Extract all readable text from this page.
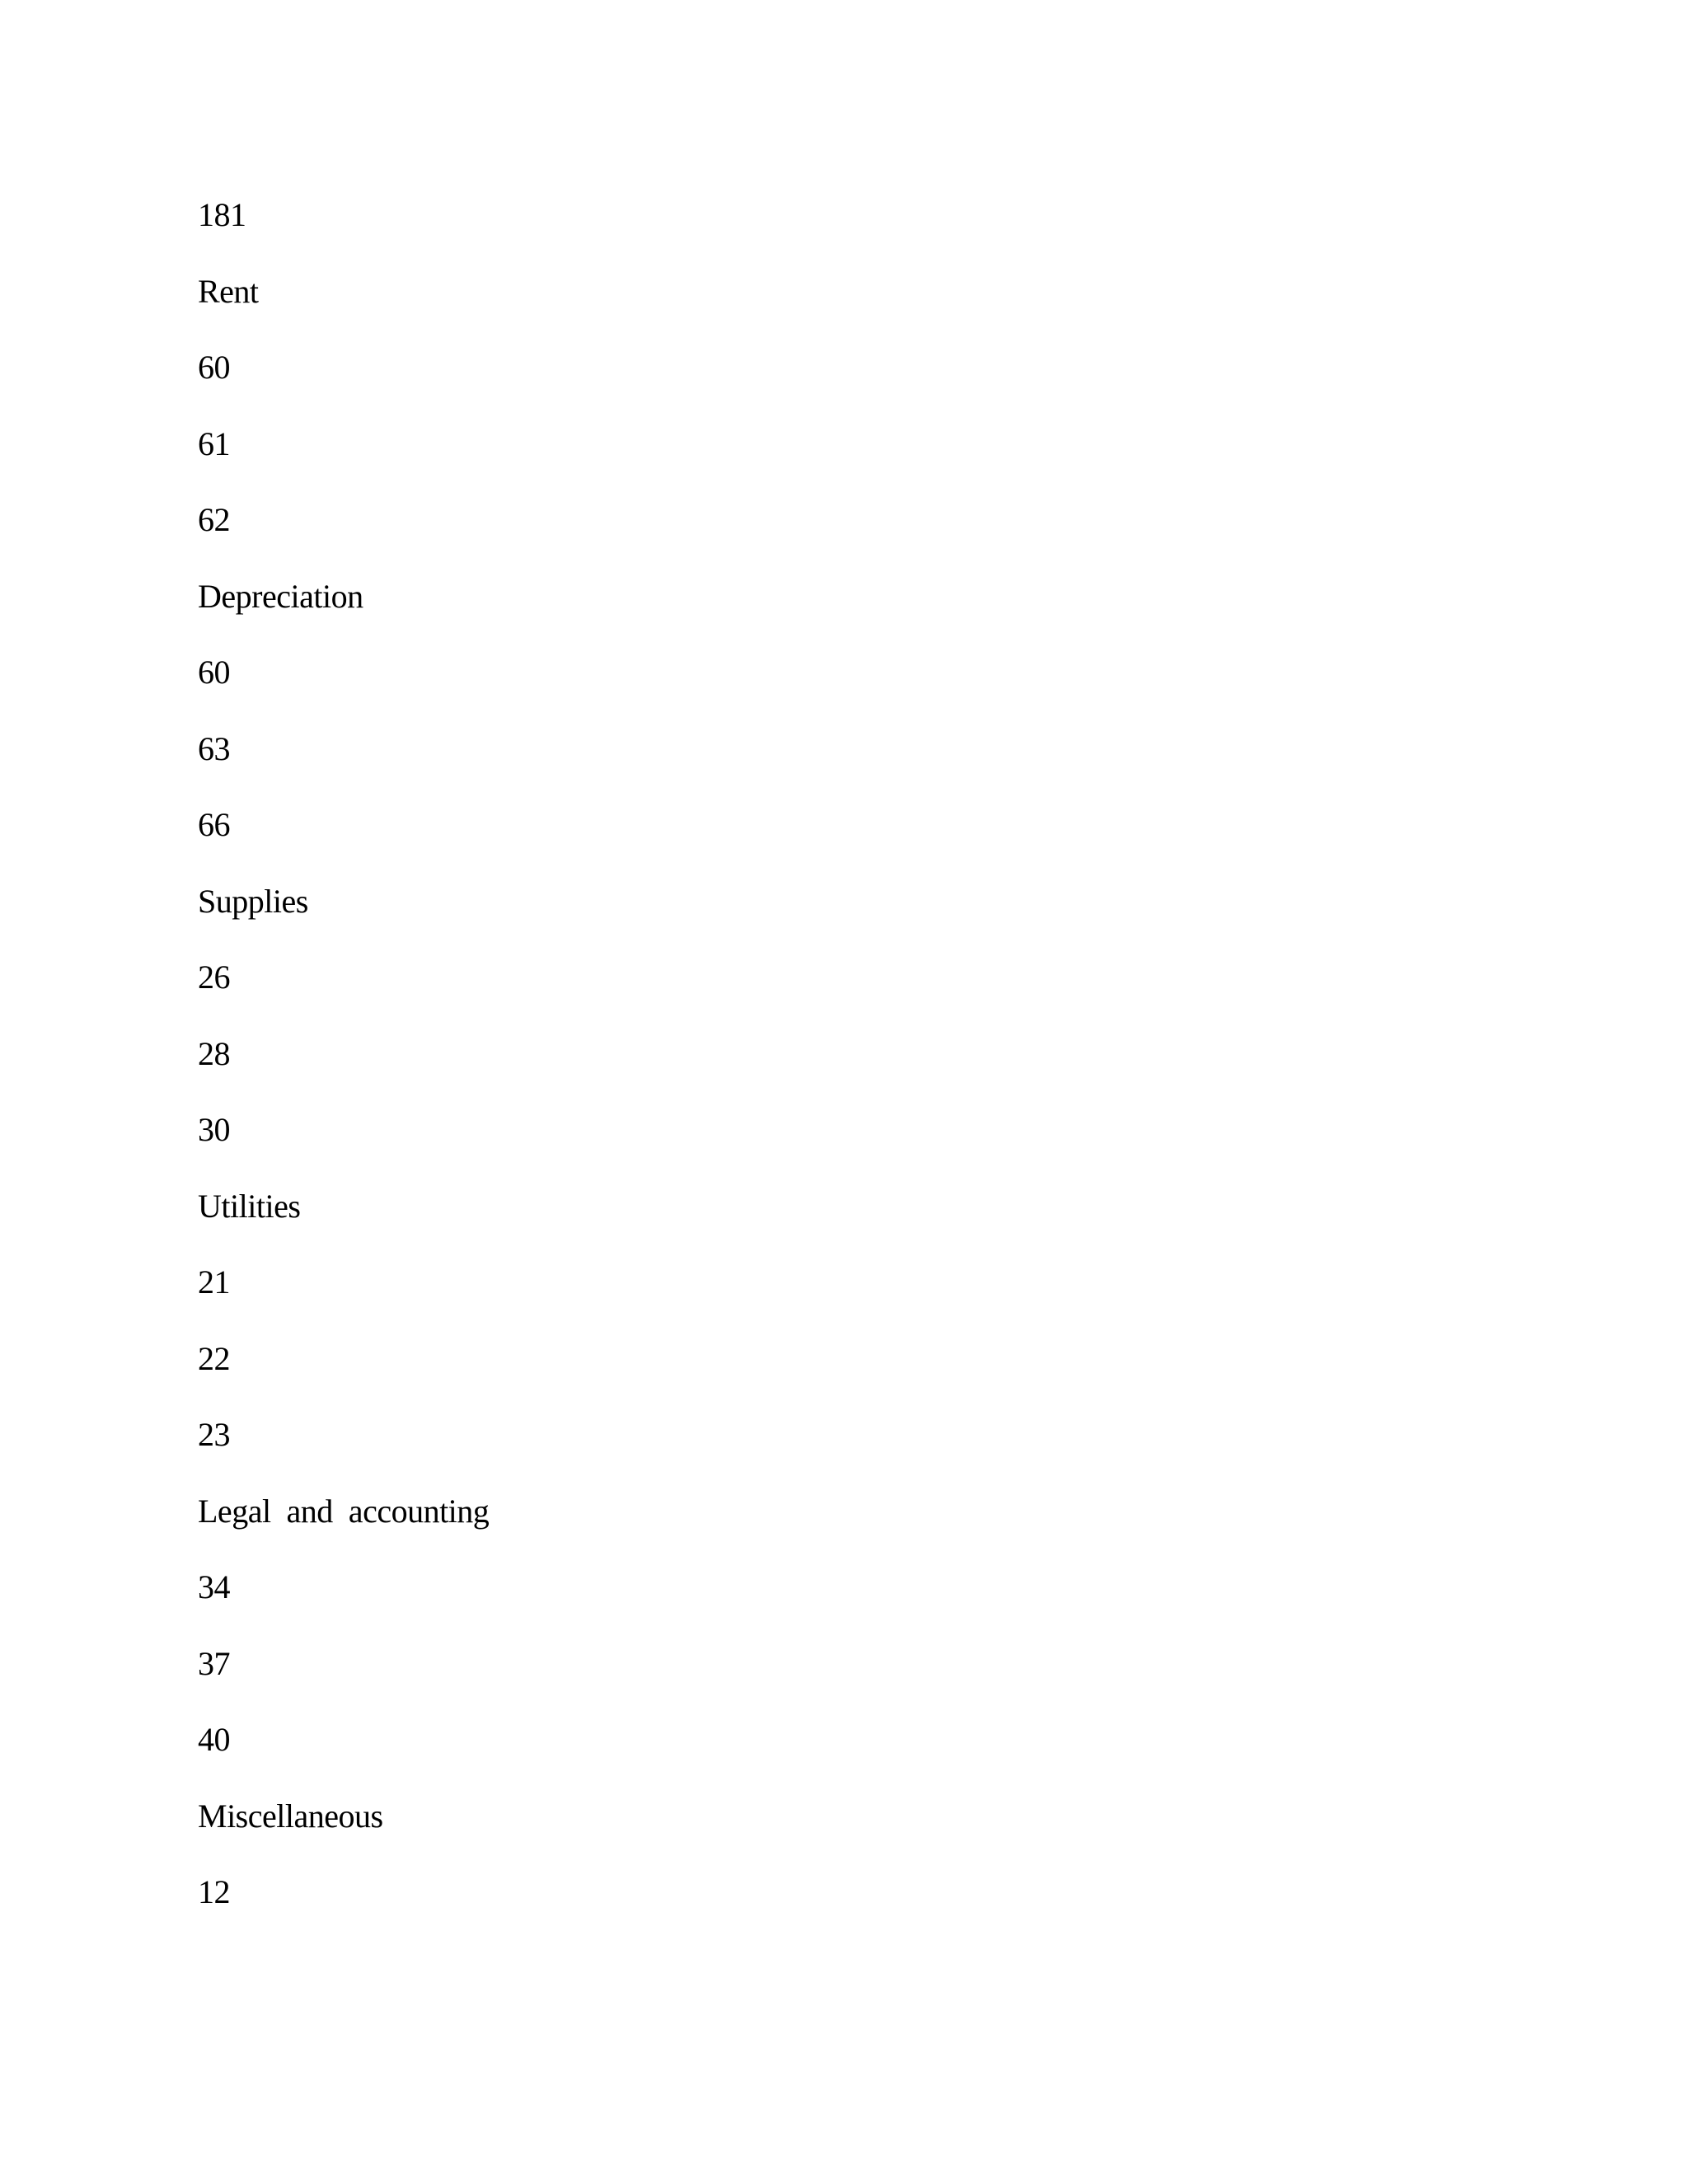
181
Rent
60
61
62
Depreciation
60
63
66
Supplies
26
28
30
Utilities
21
22
23
Legal  and  accounting
34
37
40
Miscellaneous
12
